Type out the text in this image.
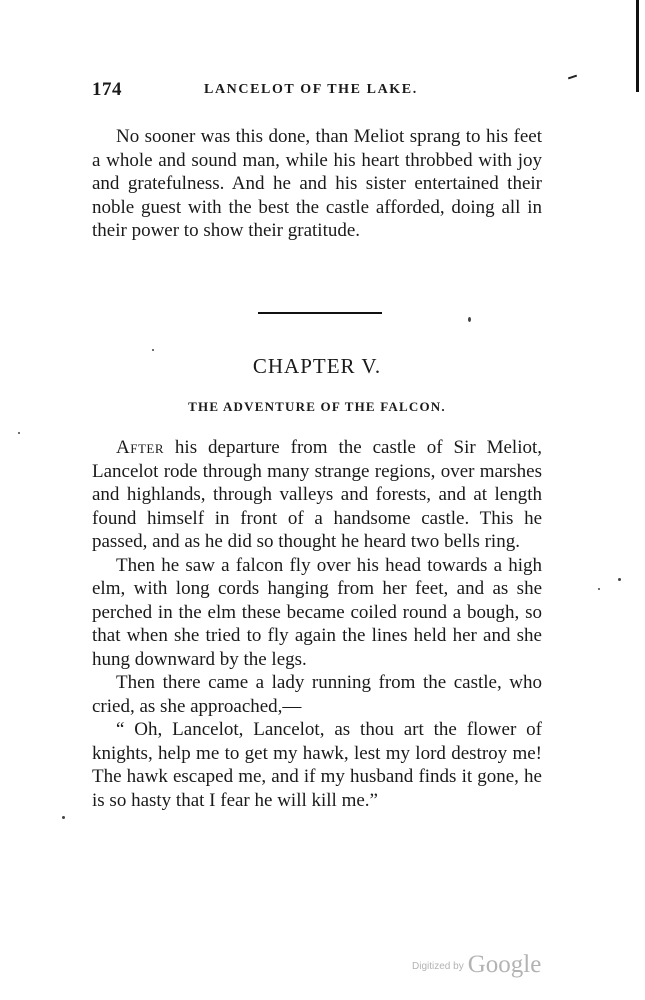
174	LANCELOT OF THE LAKE.

No sooner was this done, than Meliot sprang to his feet a whole and sound man, while his heart throbbed with joy and gratefulness. And he and his sister entertained their noble guest with the best the castle afforded, doing all in their power to show their gratitude.

CHAPTER V.
THE ADVENTURE OF THE FALCON.

After his departure from the castle of Sir Meliot, Lancelot rode through many strange regions, over marshes and highlands, through valleys and forests, and at length found himself in front of a handsome castle. This he passed, and as he did so thought he heard two bells ring.

Then he saw a falcon fly over his head towards a high elm, with long cords hanging from her feet, and as she perched in the elm these became coiled round a bough, so that when she tried to fly again the lines held her and she hung downward by the legs.

Then there came a lady running from the castle, who cried, as she approached,—

“ Oh, Lancelot, Lancelot, as thou art the flower of knights, help me to get my hawk, lest my lord destroy me! The hawk escaped me, and if my husband finds it gone, he is so hasty that I fear he will kill me.”

Digitized by Google
